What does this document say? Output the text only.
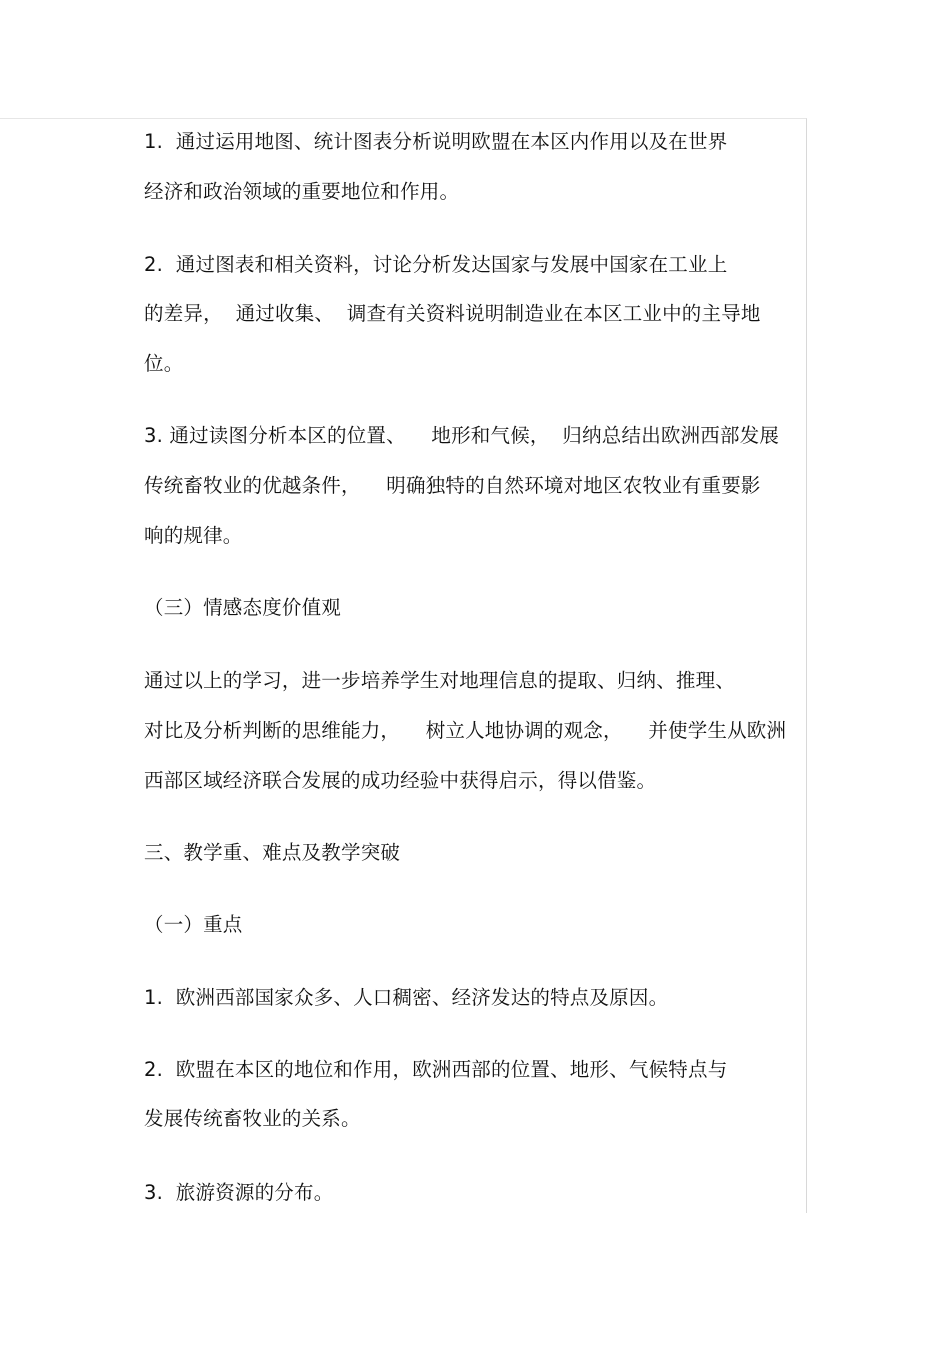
1.  通过运用地图、统计图表分析说明欧盟在本区内作用以及在世界
经济和政治领域的重要地位和作用。
2.  通过图表和相关资料，讨论分析发达国家与发展中国家在工业上
的差异，  通过收集、  调查有关资料说明制造业在本区工业中的主导地
位。
3. 通过读图分析本区的位置、    地形和气候，  归纳总结出欧洲西部发展
传统畜牧业的优越条件，    明确独特的自然环境对地区农牧业有重要影
响的规律。
（三）情感态度价值观
通过以上的学习，进一步培养学生对地理信息的提取、归纳、推理、
对比及分析判断的思维能力，    树立人地协调的观念，    并使学生从欧洲
西部区域经济联合发展的成功经验中获得启示，得以借鉴。
三、教学重、难点及教学突破
（一）重点
1.  欧洲西部国家众多、人口稠密、经济发达的特点及原因。
2.  欧盟在本区的地位和作用，欧洲西部的位置、地形、气候特点与
发展传统畜牧业的关系。
3.  旅游资源的分布。
